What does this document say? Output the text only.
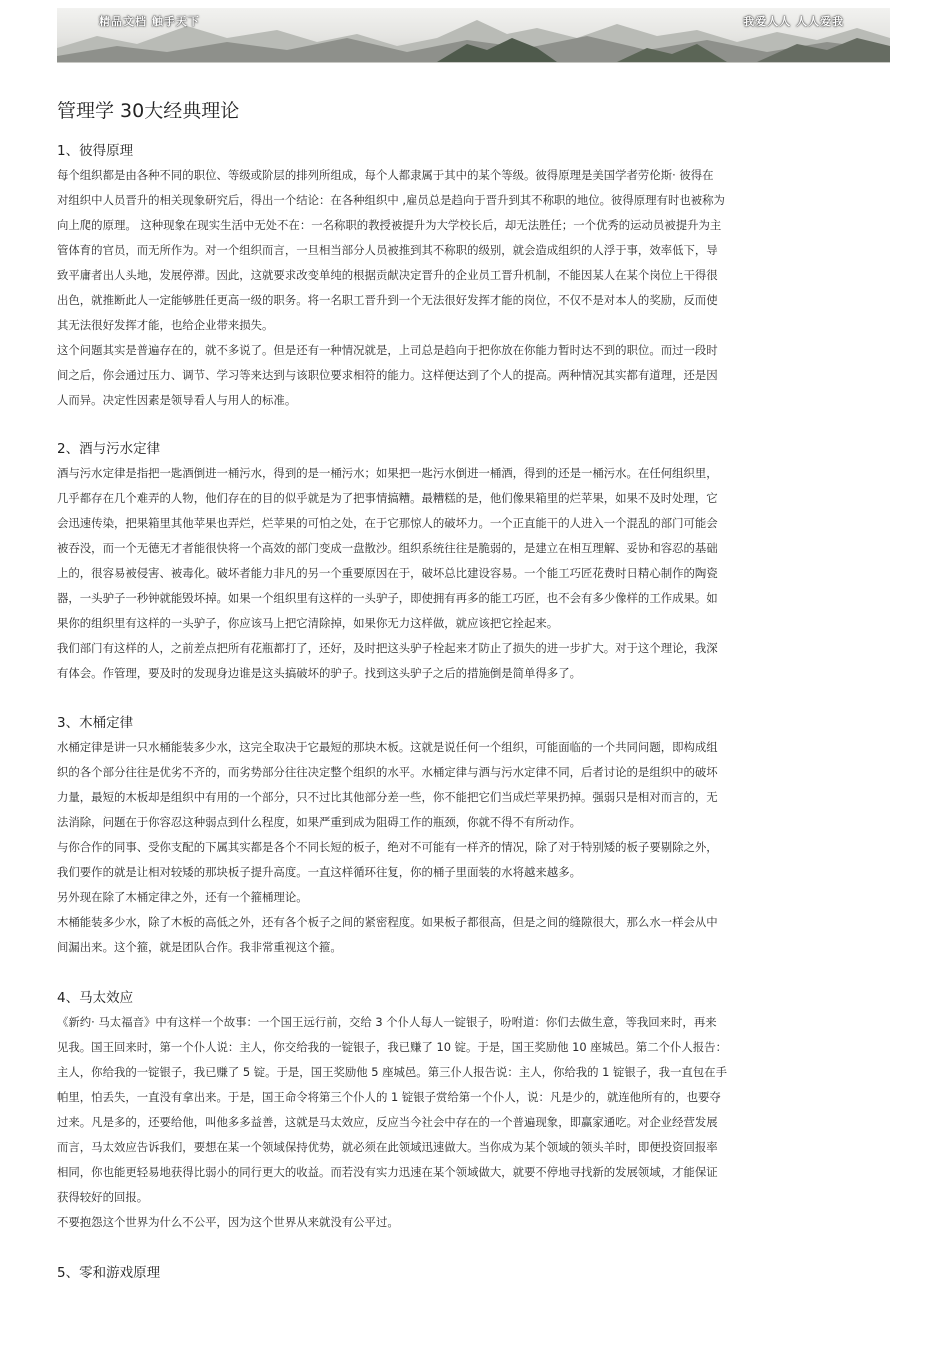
精品文档 触手天下	我爱人人 人人爱我
管理学 30大经典理论
1、彼得原理
每个组织都是由各种不同的职位、等级或阶层的排列所组成，每个人都隶属于其中的某个等级。彼得原理是美国学者劳伦斯· 彼得在
对组织中人员晋升的相关现象研究后，得出一个结论：在各种组织中 ,雇员总是趋向于晋升到其不称职的地位。彼得原理有时也被称为
向上爬的原理。 这种现象在现实生活中无处不在：一名称职的教授被提升为大学校长后，却无法胜任；一个优秀的运动员被提升为主
管体育的官员，而无所作为。对一个组织而言，一旦相当部分人员被推到其不称职的级别，就会造成组织的人浮于事，效率低下，导
致平庸者出人头地，发展停滞。因此，这就要求改变单纯的根据贡献决定晋升的企业员工晋升机制，不能因某人在某个岗位上干得很
出色，就推断此人一定能够胜任更高一级的职务。将一名职工晋升到一个无法很好发挥才能的岗位，不仅不是对本人的奖励，反而使
其无法很好发挥才能，也给企业带来损失。
这个问题其实是普遍存在的，就不多说了。但是还有一种情况就是，上司总是趋向于把你放在你能力暂时达不到的职位。而过一段时
间之后，你会通过压力、调节、学习等来达到与该职位要求相符的能力。这样便达到了个人的提高。两种情况其实都有道理，还是因
人而异。决定性因素是领导看人与用人的标准。
2、酒与污水定律
酒与污水定律是指把一匙酒倒进一桶污水，得到的是一桶污水；如果把一匙污水倒进一桶酒，得到的还是一桶污水。在任何组织里，
几乎都存在几个难弄的人物，他们存在的目的似乎就是为了把事情搞糟。最糟糕的是，他们像果箱里的烂苹果，如果不及时处理，它
会迅速传染，把果箱里其他苹果也弄烂，烂苹果的可怕之处，在于它那惊人的破坏力。一个正直能干的人进入一个混乱的部门可能会
被吞没，而一个无德无才者能很快将一个高效的部门变成一盘散沙。组织系统往往是脆弱的，是建立在相互理解、妥协和容忍的基础
上的，很容易被侵害、被毒化。破坏者能力非凡的另一个重要原因在于，破坏总比建设容易。一个能工巧匠花费时日精心制作的陶瓷
器，一头驴子一秒钟就能毁坏掉。如果一个组织里有这样的一头驴子，即使拥有再多的能工巧匠，也不会有多少像样的工作成果。如
果你的组织里有这样的一头驴子，你应该马上把它清除掉，如果你无力这样做，就应该把它拴起来。
我们部门有这样的人，之前差点把所有花瓶都打了，还好，及时把这头驴子栓起来才防止了损失的进一步扩大。对于这个理论，我深
有体会。作管理，要及时的发现身边谁是这头搞破坏的驴子。找到这头驴子之后的措施倒是简单得多了。
3、木桶定律
水桶定律是讲一只水桶能装多少水，这完全取决于它最短的那块木板。这就是说任何一个组织，可能面临的一个共同问题，即构成组
织的各个部分往往是优劣不齐的，而劣势部分往往决定整个组织的水平。水桶定律与酒与污水定律不同，后者讨论的是组织中的破坏
力量，最短的木板却是组织中有用的一个部分，只不过比其他部分差一些，你不能把它们当成烂苹果扔掉。强弱只是相对而言的，无
法消除，问题在于你容忍这种弱点到什么程度，如果严重到成为阻碍工作的瓶颈，你就不得不有所动作。
与你合作的同事、受你支配的下属其实都是各个不同长短的板子，绝对不可能有一样齐的情况，除了对于特别矮的板子要剔除之外，
我们要作的就是让相对较矮的那块板子提升高度。一直这样循环往复，你的桶子里面装的水将越来越多。
另外现在除了木桶定律之外，还有一个箍桶理论。
木桶能装多少水，除了木板的高低之外，还有各个板子之间的紧密程度。如果板子都很高，但是之间的缝隙很大，那么水一样会从中
间漏出来。这个箍，就是团队合作。我非常重视这个箍。
4、马太效应
《新约· 马太福音》中有这样一个故事：一个国王远行前，交给 3 个仆人每人一锭银子，吩咐道：你们去做生意，等我回来时，再来
见我。国王回来时，第一个仆人说：主人，你交给我的一锭银子，我已赚了 10 锭。于是，国王奖励他 10 座城邑。第二个仆人报告：
主人，你给我的一锭银子，我已赚了 5 锭。于是，国王奖励他 5 座城邑。第三仆人报告说：主人，你给我的 1 锭银子，我一直包在手
帕里，怕丢失，一直没有拿出来。于是，国王命令将第三个仆人的 1 锭银子赏给第一个仆人，说：凡是少的，就连他所有的，也要夺
过来。凡是多的，还要给他，叫他多多益善，这就是马太效应，反应当今社会中存在的一个普遍现象，即赢家通吃。对企业经营发展
而言，马太效应告诉我们，要想在某一个领域保持优势，就必须在此领域迅速做大。当你成为某个领域的领头羊时，即便投资回报率
相同，你也能更轻易地获得比弱小的同行更大的收益。而若没有实力迅速在某个领域做大，就要不停地寻找新的发展领域，才能保证
获得较好的回报。
不要抱怨这个世界为什么不公平，因为这个世界从来就没有公平过。
5、零和游戏原理
